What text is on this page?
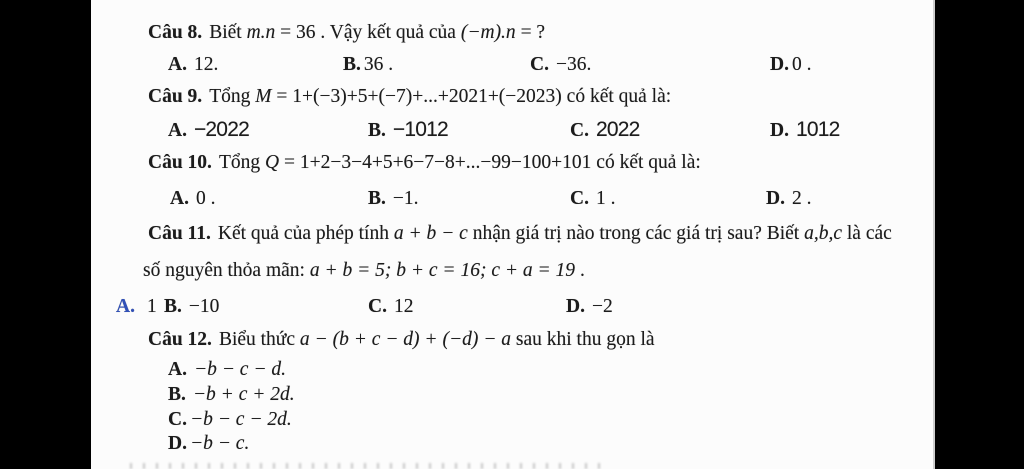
Câu 8. Biết m.n = 36 . Vậy kết quả của (−m).n = ?
A. 12.	B. 36 .	C. −36.	D. 0 .
Câu 9. Tổng M = 1+(−3)+5+(−7)+...+2021+(−2023) có kết quả là:
A. −2022	B. −1012	C. 2022	D. 1012
Câu 10. Tổng Q = 1+2−3−4+5+6−7−8+...−99−100+101 có kết quả là:
A. 0 .	B. −1.	C. 1 .	D. 2 .
Câu 11. Kết quả của phép tính a + b − c nhận giá trị nào trong các giá trị sau? Biết a,b,c là các
số nguyên thỏa mãn: a + b = 5; b + c = 16; c + a = 19 .
A. 1 B. −10	C. 12	D. −2
Câu 12. Biểu thức a − (b + c − d) + (−d) − a sau khi thu gọn là
A. −b − c − d.
B. −b + c + 2d.
C. −b − c − 2d.
D. −b − c.
